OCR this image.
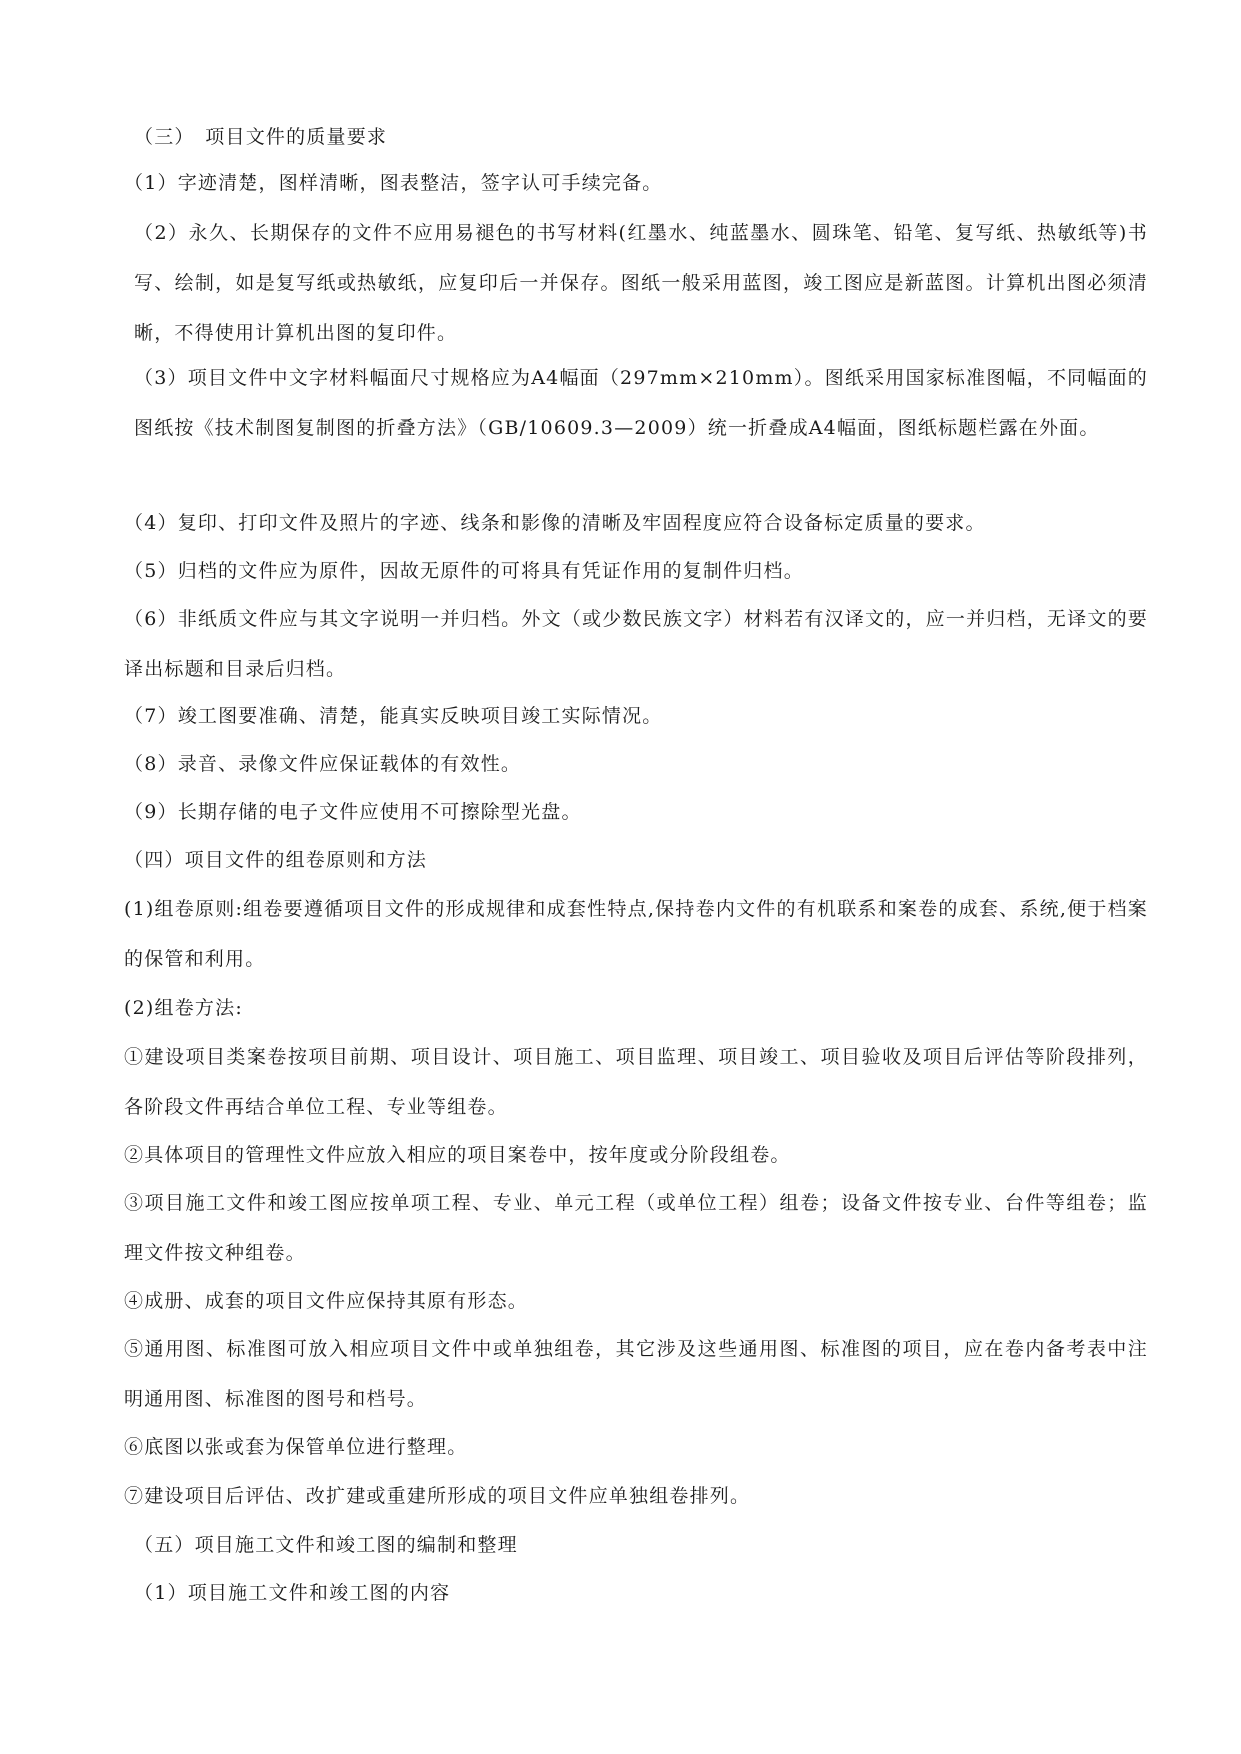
（三）　项目文件的质量要求

（1）字迹清楚，图样清晰，图表整洁，签字认可手续完备。

（2）永久、长期保存的文件不应用易褪色的书写材料(红墨水、纯蓝墨水、圆珠笔、铅笔、复写纸、热敏纸等)书写、绘制，如是复写纸或热敏纸，应复印后一并保存。图纸一般采用蓝图，竣工图应是新蓝图。计算机出图必须清晰，不得使用计算机出图的复印件。

（3）项目文件中文字材料幅面尺寸规格应为A4幅面（297mm×210mm）。图纸采用国家标准图幅，不同幅面的图纸按《技术制图复制图的折叠方法》（GB/10609.3—2009）统一折叠成A4幅面，图纸标题栏露在外面。

（4）复印、打印文件及照片的字迹、线条和影像的清晰及牢固程度应符合设备标定质量的要求。

（5）归档的文件应为原件，因故无原件的可将具有凭证作用的复制件归档。

（6）非纸质文件应与其文字说明一并归档。外文（或少数民族文字）材料若有汉译文的，应一并归档，无译文的要译出标题和目录后归档。

（7）竣工图要准确、清楚，能真实反映项目竣工实际情况。

（8）录音、录像文件应保证载体的有效性。

（9）长期存储的电子文件应使用不可擦除型光盘。

（四）项目文件的组卷原则和方法

(1)组卷原则:组卷要遵循项目文件的形成规律和成套性特点,保持卷内文件的有机联系和案卷的成套、系统,便于档案的保管和利用。

(2)组卷方法:

①建设项目类案卷按项目前期、项目设计、项目施工、项目监理、项目竣工、项目验收及项目后评估等阶段排列，各阶段文件再结合单位工程、专业等组卷。

②具体项目的管理性文件应放入相应的项目案卷中，按年度或分阶段组卷。

③项目施工文件和竣工图应按单项工程、专业、单元工程（或单位工程）组卷；设备文件按专业、台件等组卷；监理文件按文种组卷。

④成册、成套的项目文件应保持其原有形态。

⑤通用图、标准图可放入相应项目文件中或单独组卷，其它涉及这些通用图、标准图的项目，应在卷内备考表中注明通用图、标准图的图号和档号。

⑥底图以张或套为保管单位进行整理。

⑦建设项目后评估、改扩建或重建所形成的项目文件应单独组卷排列。

（五）项目施工文件和竣工图的编制和整理

（1）项目施工文件和竣工图的内容
